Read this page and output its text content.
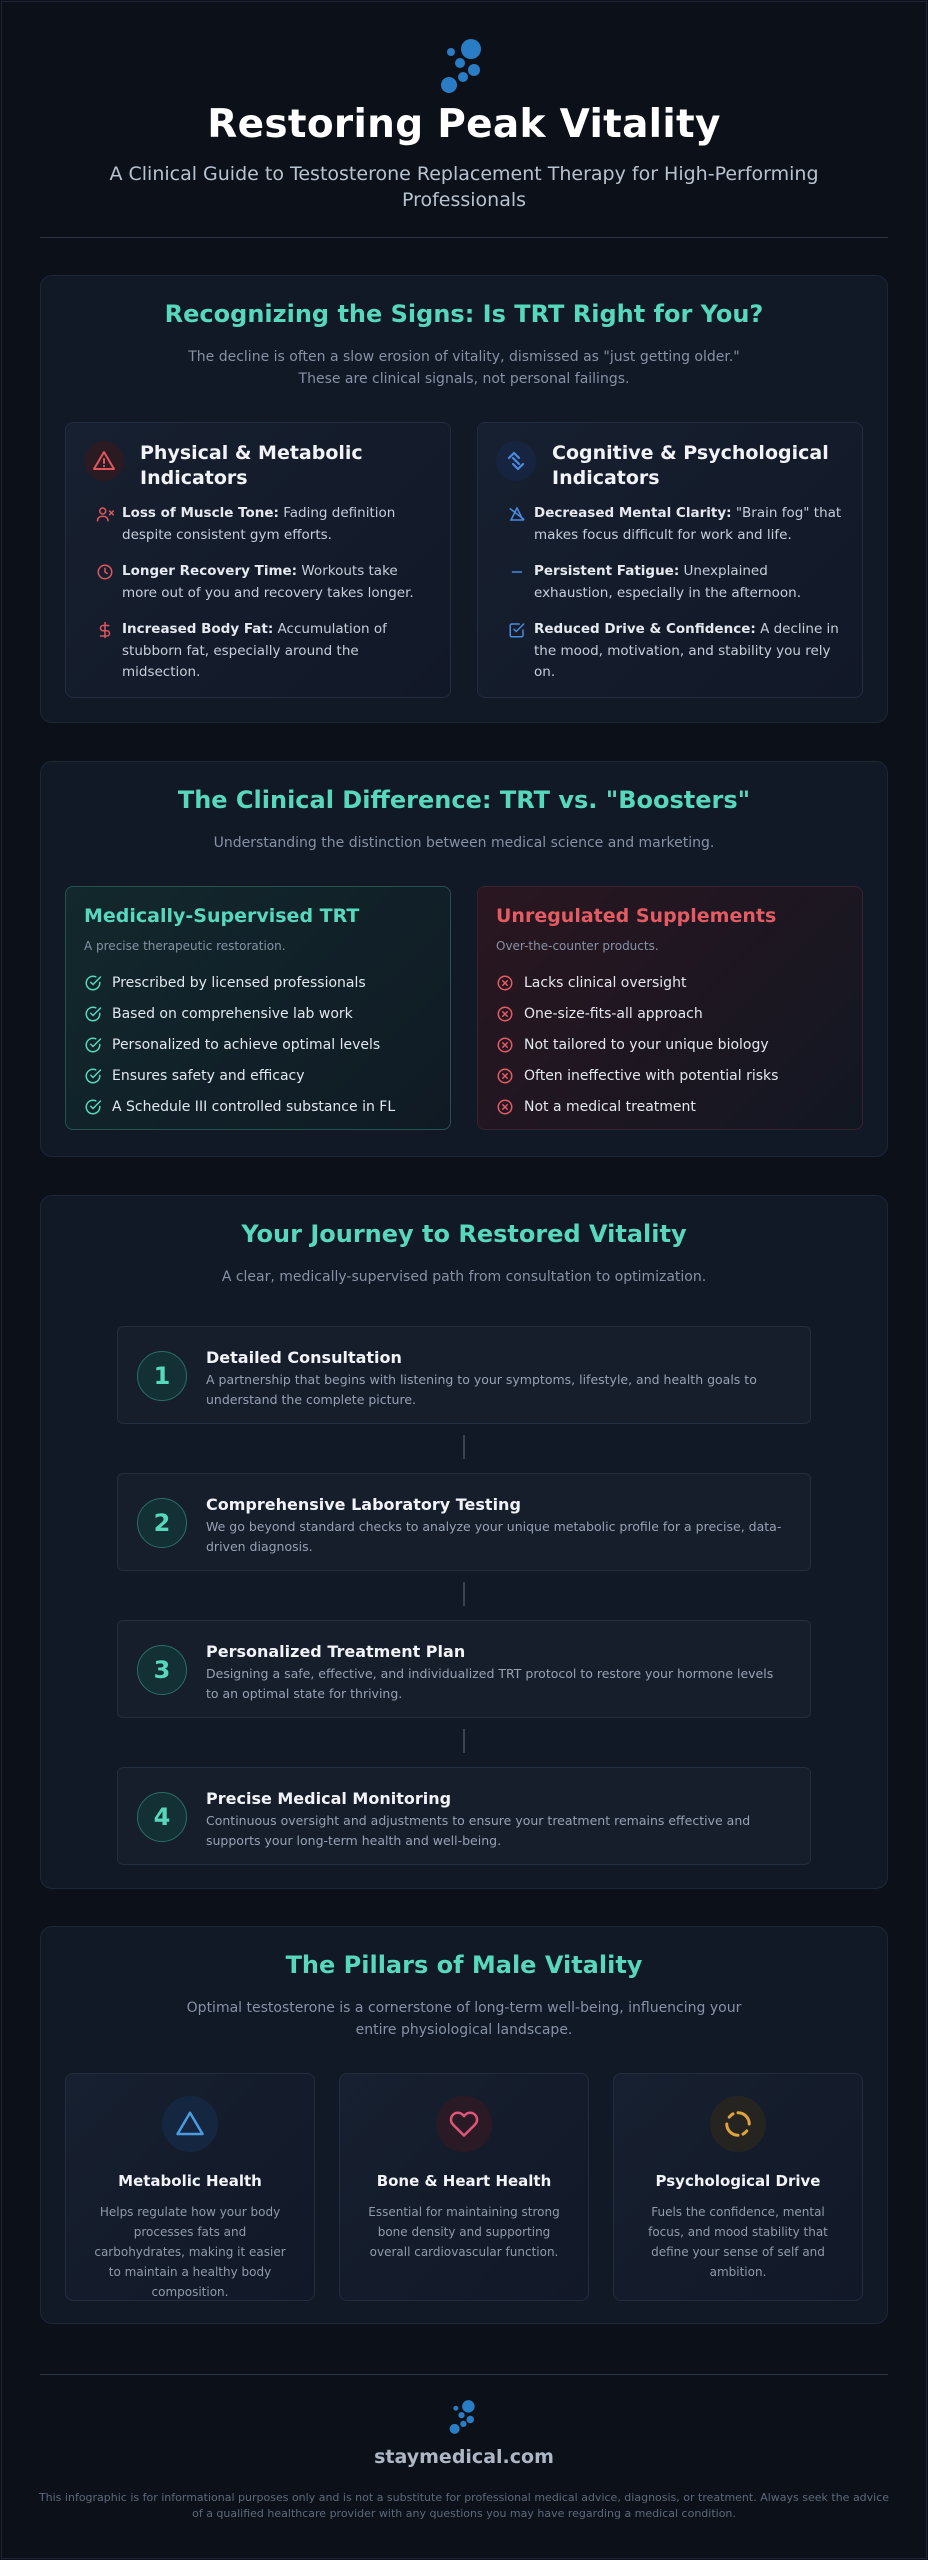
Restoring Peak Vitality

A Clinical Guide to Testosterone Replacement Therapy for High-Performing Professionals

Recognizing the Signs: Is TRT Right for You?
The decline is often a slow erosion of vitality, dismissed as "just getting older."
These are clinical signals, not personal failings.
Physical & Metabolic Indicators
Loss of Muscle Tone: Fading definition despite consistent gym efforts.
Longer Recovery Time: Workouts take more out of you and recovery takes longer.
Increased Body Fat: Accumulation of stubborn fat, especially around the midsection.
Cognitive & Psychological Indicators
Decreased Mental Clarity: "Brain fog" that makes focus difficult for work and life.
Persistent Fatigue: Unexplained exhaustion, especially in the afternoon.
Reduced Drive & Confidence: A decline in the mood, motivation, and stability you rely on.
The Clinical Difference: TRT vs. "Boosters"
Understanding the distinction between medical science and marketing.
Medically-Supervised TRT
A precise therapeutic restoration.
Prescribed by licensed professionals
Based on comprehensive lab work
Personalized to achieve optimal levels
Ensures safety and efficacy
A Schedule III controlled substance in FL
Unregulated Supplements
Over-the-counter products.
Lacks clinical oversight
One-size-fits-all approach
Not tailored to your unique biology
Often ineffective with potential risks
Not a medical treatment
Your Journey to Restored Vitality
A clear, medically-supervised path from consultation to optimization.
1
Detailed Consultation
A partnership that begins with listening to your symptoms, lifestyle, and health goals to understand the complete picture.
2
Comprehensive Laboratory Testing
We go beyond standard checks to analyze your unique metabolic profile for a precise, data-driven diagnosis.
3
Personalized Treatment Plan
Designing a safe, effective, and individualized TRT protocol to restore your hormone levels to an optimal state for thriving.
4
Precise Medical Monitoring
Continuous oversight and adjustments to ensure your treatment remains effective and supports your long-term health and well-being.
The Pillars of Male Vitality
Optimal testosterone is a cornerstone of long-term well-being, influencing your
entire physiological landscape.
Metabolic Health
Helps regulate how your body processes fats and carbohydrates, making it easier to maintain a healthy body composition.
Bone & Heart Health
Essential for maintaining strong bone density and supporting overall cardiovascular function.
Psychological Drive
Fuels the confidence, mental focus, and mood stability that define your sense of self and ambition.
staymedical.com
This infographic is for informational purposes only and is not a substitute for professional medical advice, diagnosis, or treatment. Always seek the advice of a qualified healthcare provider with any questions you may have regarding a medical condition.
